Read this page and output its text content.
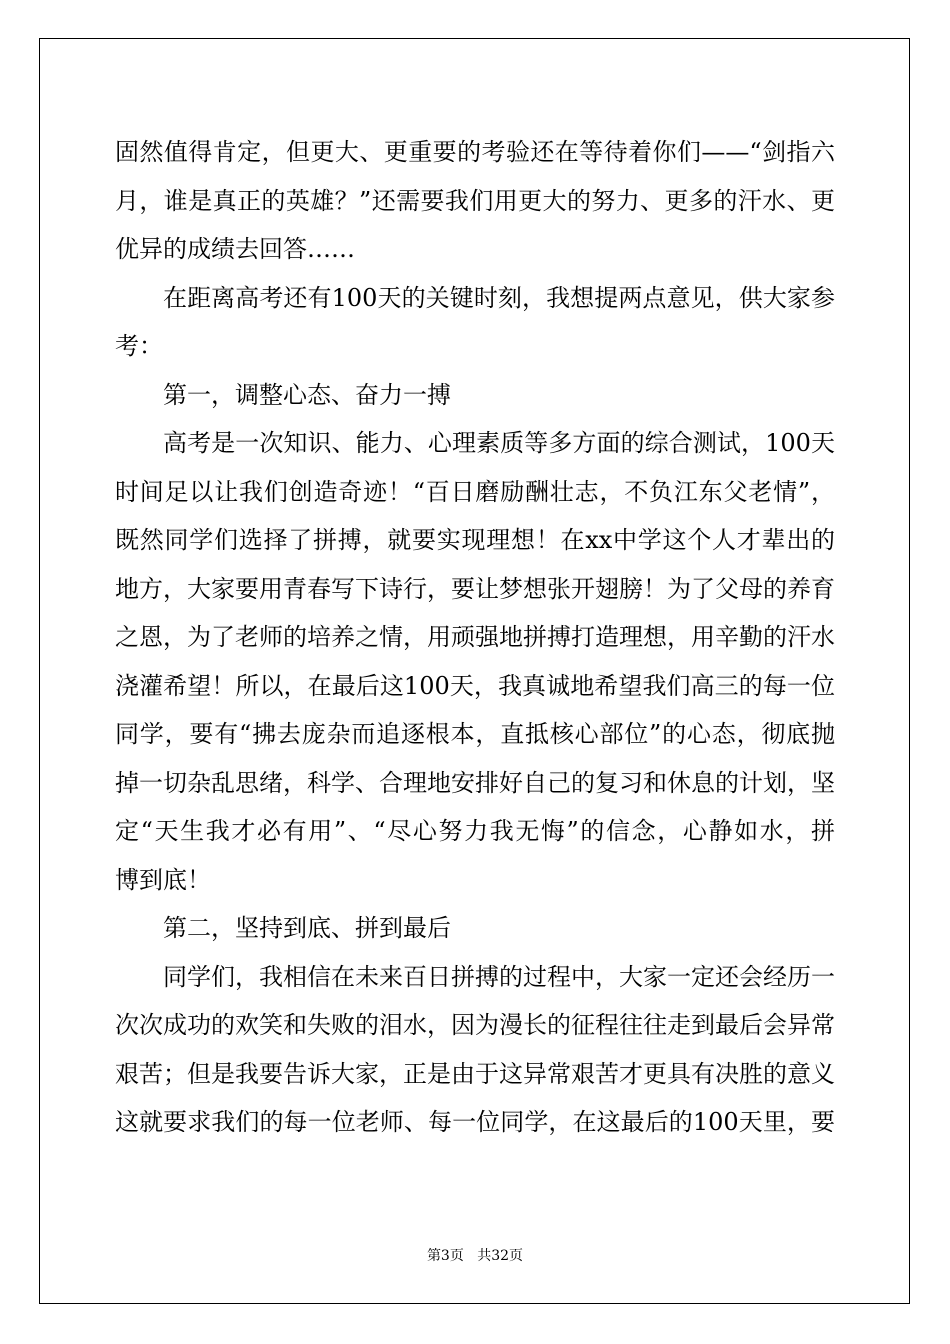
固然值得肯定，但更大、更重要的考验还在等待着你们——“剑指六
月，谁是真正的英雄？”还需要我们用更大的努力、更多的汗水、更
优异的成绩去回答……
在距离高考还有100天的关键时刻，我想提两点意见，供大家参
考：
第一，调整心态、奋力一搏
高考是一次知识、能力、心理素质等多方面的综合测试，100天
时间足以让我们创造奇迹！“百日磨励酬壮志，不负江东父老情”，
既然同学们选择了拼搏，就要实现理想！在xx中学这个人才辈出的
地方，大家要用青春写下诗行，要让梦想张开翅膀！为了父母的养育
之恩，为了老师的培养之情，用顽强地拼搏打造理想，用辛勤的汗水
浇灌希望！所以，在最后这100天，我真诚地希望我们高三的每一位
同学，要有“拂去庞杂而追逐根本，直抵核心部位”的心态，彻底抛
掉一切杂乱思绪，科学、合理地安排好自己的复习和休息的计划，坚
定“天生我才必有用”、“尽心努力我无悔”的信念，心静如水，拼
博到底！
第二，坚持到底、拼到最后
同学们，我相信在未来百日拼搏的过程中，大家一定还会经历一
次次成功的欢笑和失败的泪水，因为漫长的征程往往走到最后会异常
艰苦；但是我要告诉大家，正是由于这异常艰苦才更具有决胜的意义
这就要求我们的每一位老师、每一位同学，在这最后的100天里，要
第3页 共32页
